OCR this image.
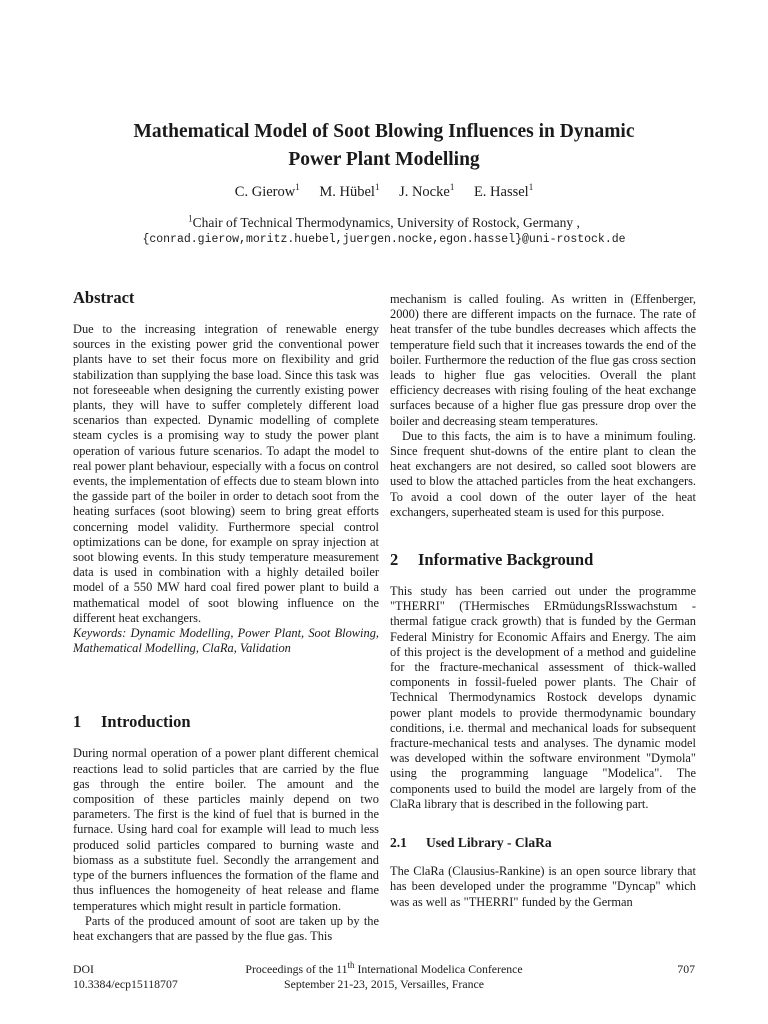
Mathematical Model of Soot Blowing Influences in Dynamic
Power Plant Modelling
C. Gierow$^1$ M. Hübel$^1$ J. Nocke$^1$ E. Hassel$^1$
$^1$Chair of Technical Thermodynamics, University of Rostock, Germany ,
{conrad.gierow,moritz.huebel,juergen.nocke,egon.hassel}@uni-rostock.de
Abstract

Due to the increasing integration of renewable energy sources in the existing power grid the conventional power plants have to set their focus more on flexibility and grid stabilization than supplying the base load. Since this task was not foreseeable when designing the currently existing power plants, they will have to suffer completely different load scenarios than expected. Dynamic modelling of complete steam cycles is a promising way to study the power plant operation of various future scenarios. To adapt the model to real power plant behaviour, especially with a focus on control events, the implementation of effects due to steam blown into the gasside part of the boiler in order to detach soot from the heating surfaces (soot blowing) seem to bring great efforts concerning model validity. Furthermore special control optimizations can be done, for example on spray injection at soot blowing events. In this study temperature measurement data is used in combination with a highly detailed boiler model of a 550 MW hard coal fired power plant to build a mathematical model of soot blowing influence on the different heat exchangers.

Keywords: Dynamic Modelling, Power Plant, Soot Blowing, Mathematical Modelling, ClaRa, Validation

1 Introduction

During normal operation of a power plant different chemical reactions lead to solid particles that are carried by the flue gas through the entire boiler. The amount and the composition of these particles mainly depend on two parameters. The first is the kind of fuel that is burned in the furnace. Using hard coal for example will lead to much less produced solid particles compared to burning waste and biomass as a substitute fuel. Secondly the arrangement and type of the burners influences the formation of the flame and thus influences the homogeneity of heat release and flame temperatures which might result in particle formation.

Parts of the produced amount of soot are taken up by the heat exchangers that are passed by the flue gas. This

mechanism is called fouling. As written in (Effenberger, 2000) there are different impacts on the furnace. The rate of heat transfer of the tube bundles decreases which affects the temperature field such that it increases towards the end of the boiler. Furthermore the reduction of the flue gas cross section leads to higher flue gas velocities. Overall the plant efficiency decreases with rising fouling of the heat exchange surfaces because of a higher flue gas pressure drop over the boiler and decreasing steam temperatures.

Due to this facts, the aim is to have a minimum fouling. Since frequent shut-downs of the entire plant to clean the heat exchangers are not desired, so called soot blowers are used to blow the attached particles from the heat exchangers. To avoid a cool down of the outer layer of the heat exchangers, superheated steam is used for this purpose.

2 Informative Background

This study has been carried out under the programme "THERRI" (THermisches ERmüdungsRIsswachstum - thermal fatigue crack growth) that is funded by the German Federal Ministry for Economic Affairs and Energy. The aim of this project is the development of a method and guideline for the fracture-mechanical assessment of thick-walled components in fossil-fueled power plants. The Chair of Technical Thermodynamics Rostock develops dynamic power plant models to provide thermodynamic boundary conditions, i.e. thermal and mechanical loads for subsequent fracture-mechanical tests and analyses. The dynamic model was developed within the software environment "Dymola" using the programming language "Modelica". The components used to build the model are largely from of the ClaRa library that is described in the following part.

2.1 Used Library - ClaRa

The ClaRa (Clausius-Rankine) is an open source library that has been developed under the programme "Dyncap" which was as well as "THERRI" funded by the German

DOI
10.3384/ecp15118707
Proceedings of the 11th International Modelica Conference
September 21-23, 2015, Versailles, France
707
